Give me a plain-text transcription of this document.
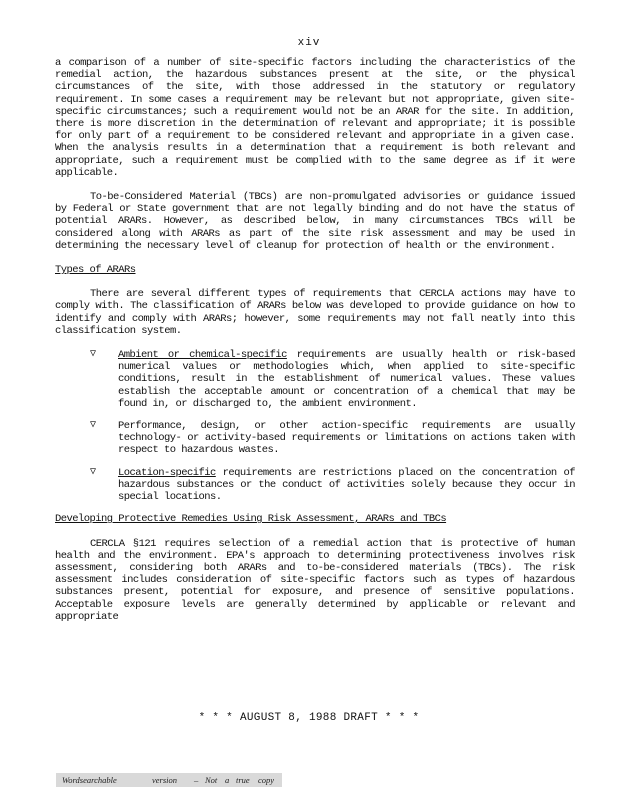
xiv

a comparison of a number of site-specific factors including the characteristics of the remedial action, the hazardous substances present at the site, or the physical circumstances of the site, with those addressed in the statutory or regulatory requirement. In some cases a requirement may be relevant but not appropriate, given site-specific circumstances; such a requirement would not be an ARAR for the site. In addition, there is more discretion in the determination of relevant and appropriate; it is possible for only part of a requirement to be considered relevant and appropriate in a given case. When the analysis results in a determination that a requirement is both relevant and appropriate, such a requirement must be complied with to the same degree as if it were applicable.

To-be-Considered Material (TBCs) are non-promulgated advisories or guidance issued by Federal or State government that are not legally binding and do not have the status of potential ARARs. However, as described below, in many circumstances TBCs will be considered along with ARARs as part of the site risk assessment and may be used in determining the necessary level of cleanup for protection of health or the environment.

Types of ARARs

There are several different types of requirements that CERCLA actions may have to comply with. The classification of ARARs below was developed to provide guidance on how to identify and comply with ARARs; however, some requirements may not fall neatly into this classification system.

▽ Ambient or chemical-specific requirements are usually health or risk-based numerical values or methodologies which, when applied to site-specific conditions, result in the establishment of numerical values. These values establish the acceptable amount or concentration of a chemical that may be found in, or discharged to, the ambient environment.
▽ Performance, design, or other action-specific requirements are usually technology- or activity-based requirements or limitations on actions taken with respect to hazardous wastes.
▽ Location-specific requirements are restrictions placed on the concentration of hazardous substances or the conduct of activities solely because they occur in special locations.

Developing Protective Remedies Using Risk Assessment, ARARs and TBCs

CERCLA §121 requires selection of a remedial action that is protective of human health and the environment. EPA's approach to determining protectiveness involves risk assessment, considering both ARARs and to-be-considered materials (TBCs). The risk assessment includes consideration of site-specific factors such as types of hazardous substances present, potential for exposure, and presence of sensitive populations. Acceptable exposure levels are generally determined by applicable or relevant and appropriate

* * * AUGUST 8, 1988 DRAFT * * *
Wordsearchable	version – Not a true copy
